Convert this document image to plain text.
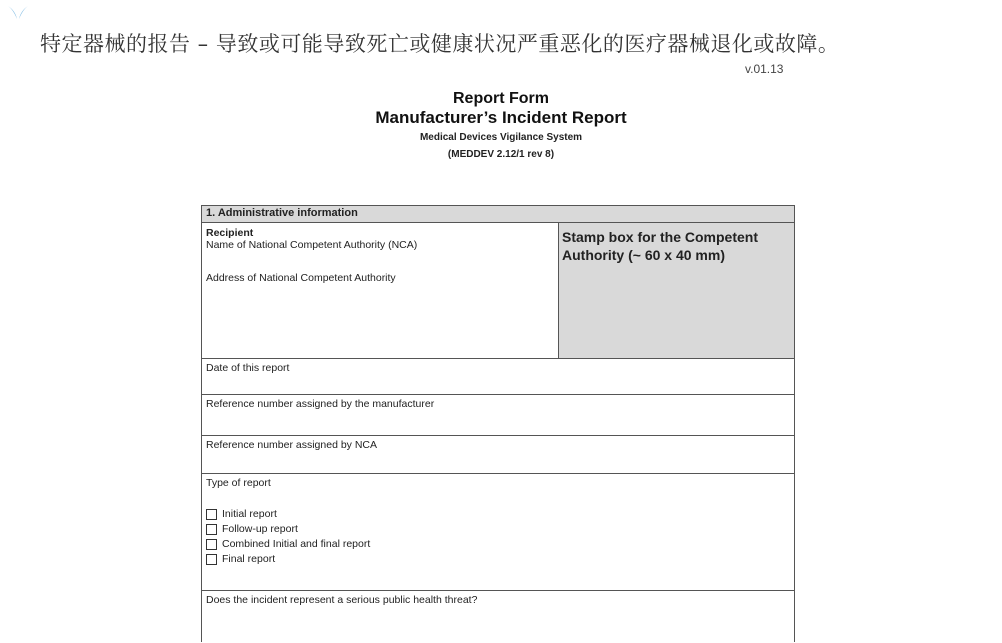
特定器械的报告 – 导致或可能导致死亡或健康状况严重恶化的医疗器械退化或故障。
v.01.13
Report Form
Manufacturer’s Incident Report
Medical Devices Vigilance System
(MEDDEV 2.12/1 rev 8)
1. Administrative information
Recipient
Name of National Competent Authority (NCA)
Address of National Competent Authority
Stamp box for the Competent Authority (~ 60 x 40 mm)
Date of this report
Reference number assigned by the manufacturer
Reference number assigned by NCA
Type of report
Initial report
Follow-up report
Combined Initial and final report
Final report
Does the incident represent a serious public health threat?
